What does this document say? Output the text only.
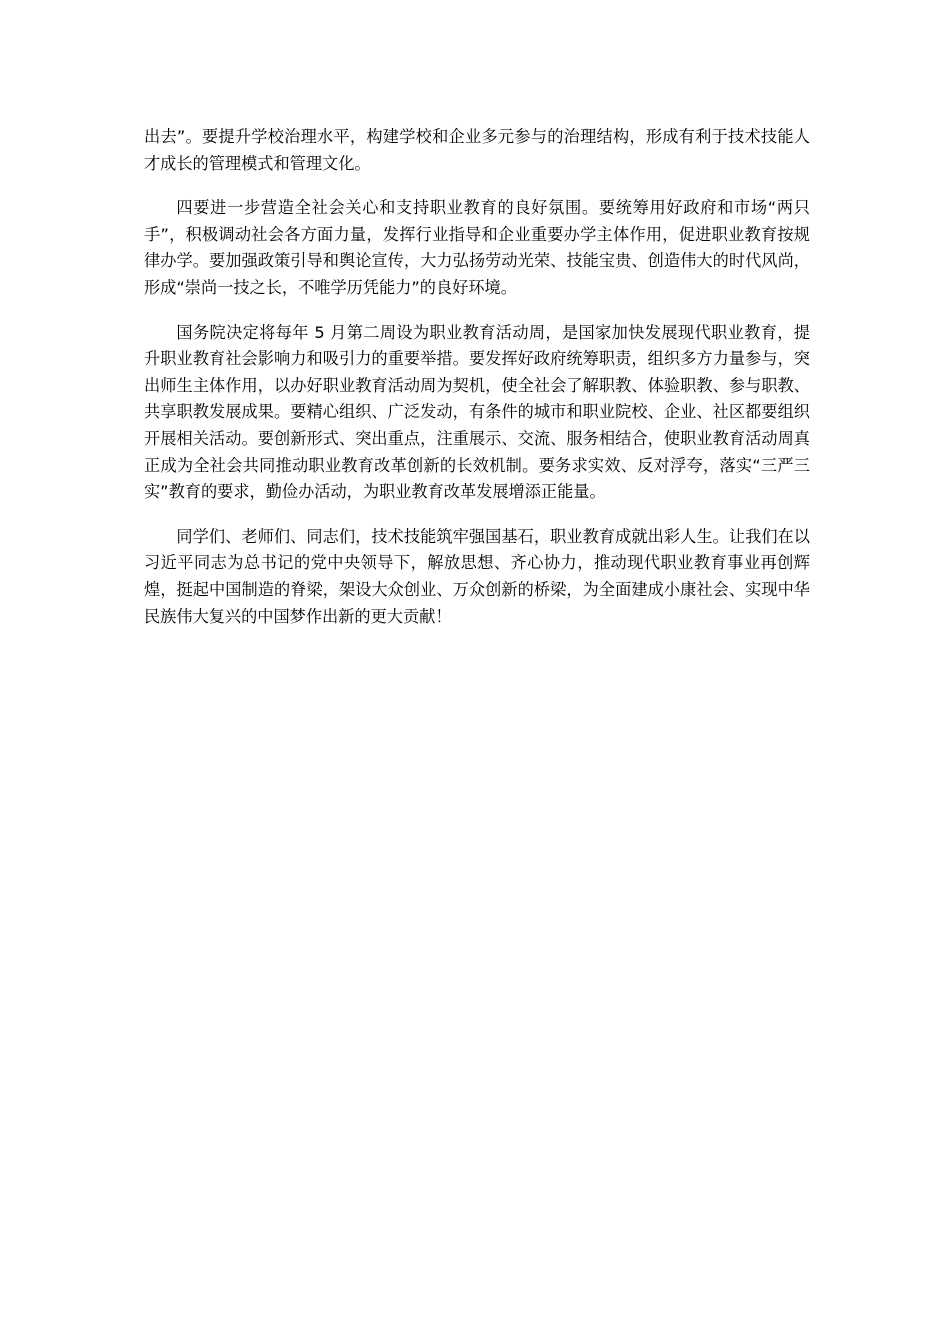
出去”。要提升学校治理水平，构建学校和企业多元参与的治理结构，形成有利于技术技能人才成长的管理模式和管理文化。

四要进一步营造全社会关心和支持职业教育的良好氛围。要统筹用好政府和市场“两只手”，积极调动社会各方面力量，发挥行业指导和企业重要办学主体作用，促进职业教育按规律办学。要加强政策引导和舆论宣传，大力弘扬劳动光荣、技能宝贵、创造伟大的时代风尚，形成“崇尚一技之长，不唯学历凭能力”的良好环境。

国务院决定将每年 5 月第二周设为职业教育活动周，是国家加快发展现代职业教育，提升职业教育社会影响力和吸引力的重要举措。要发挥好政府统筹职责，组织多方力量参与，突出师生主体作用，以办好职业教育活动周为契机，使全社会了解职教、体验职教、参与职教、共享职教发展成果。要精心组织、广泛发动，有条件的城市和职业院校、企业、社区都要组织开展相关活动。要创新形式、突出重点，注重展示、交流、服务相结合，使职业教育活动周真正成为全社会共同推动职业教育改革创新的长效机制。要务求实效、反对浮夸，落实“三严三实”教育的要求，勤俭办活动，为职业教育改革发展增添正能量。

同学们、老师们、同志们，技术技能筑牢强国基石，职业教育成就出彩人生。让我们在以习近平同志为总书记的党中央领导下，解放思想、齐心协力，推动现代职业教育事业再创辉煌，挺起中国制造的脊梁，架设大众创业、万众创新的桥梁，为全面建成小康社会、实现中华民族伟大复兴的中国梦作出新的更大贡献！
